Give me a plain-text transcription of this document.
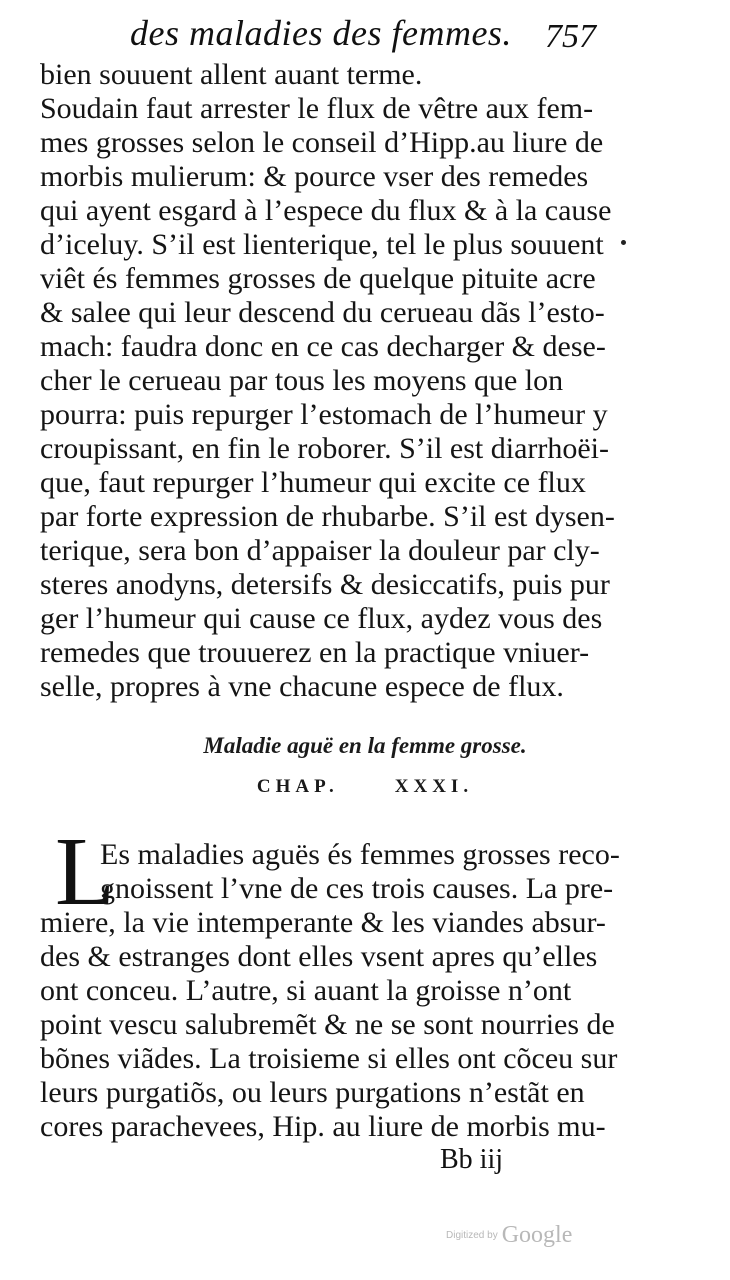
des maladies des femmes. 757
bien souuent allent auant terme.
Soudain faut arrester le flux de vêtre aux fem-
mes grosses selon le conseil d’Hipp.au liure de
morbis mulierum: & pource vser des remedes
qui ayent esgard à l’espece du flux & à la cause
d’iceluy. S’il est lienterique, tel le plus souuent
viêt és femmes grosses de quelque pituite acre
& salee qui leur descend du cerueau dãs l’esto-
mach: faudra donc en ce cas decharger & dese-
cher le cerueau par tous les moyens que lon
pourra: puis repurger l’estomach de l’humeur y
croupissant, en fin le roborer. S’il est diarrhoëi-
que, faut repurger l’humeur qui excite ce flux
par forte expression de rhubarbe. S’il est dysen-
terique, sera bon d’appaiser la douleur par cly-
steres anodyns, detersifs & desiccatifs, puis pur
ger l’humeur qui cause ce flux, aydez vous des
remedes que trouuerez en la practique vniuer-
selle, propres à vne chacune espece de flux.
Maladie aguë en la femme grosse.
CHAP.	XXXI.
L
Es maladies aguës és femmes grosses reco-
gnoissent l’vne de ces trois causes. La pre-
miere, la vie intemperante & les viandes absur-
des & estranges dont elles vsent apres qu’elles
ont conceu. L’autre, si auant la groisse n’ont
point vescu salubremẽt & ne se sont nourries de
bõnes viãdes. La troisieme si elles ont cõceu sur
leurs purgatiõs, ou leurs purgations n’estãt en
cores parachevees, Hip. au liure de morbis mu-
Bb iij
Digitized by Google
